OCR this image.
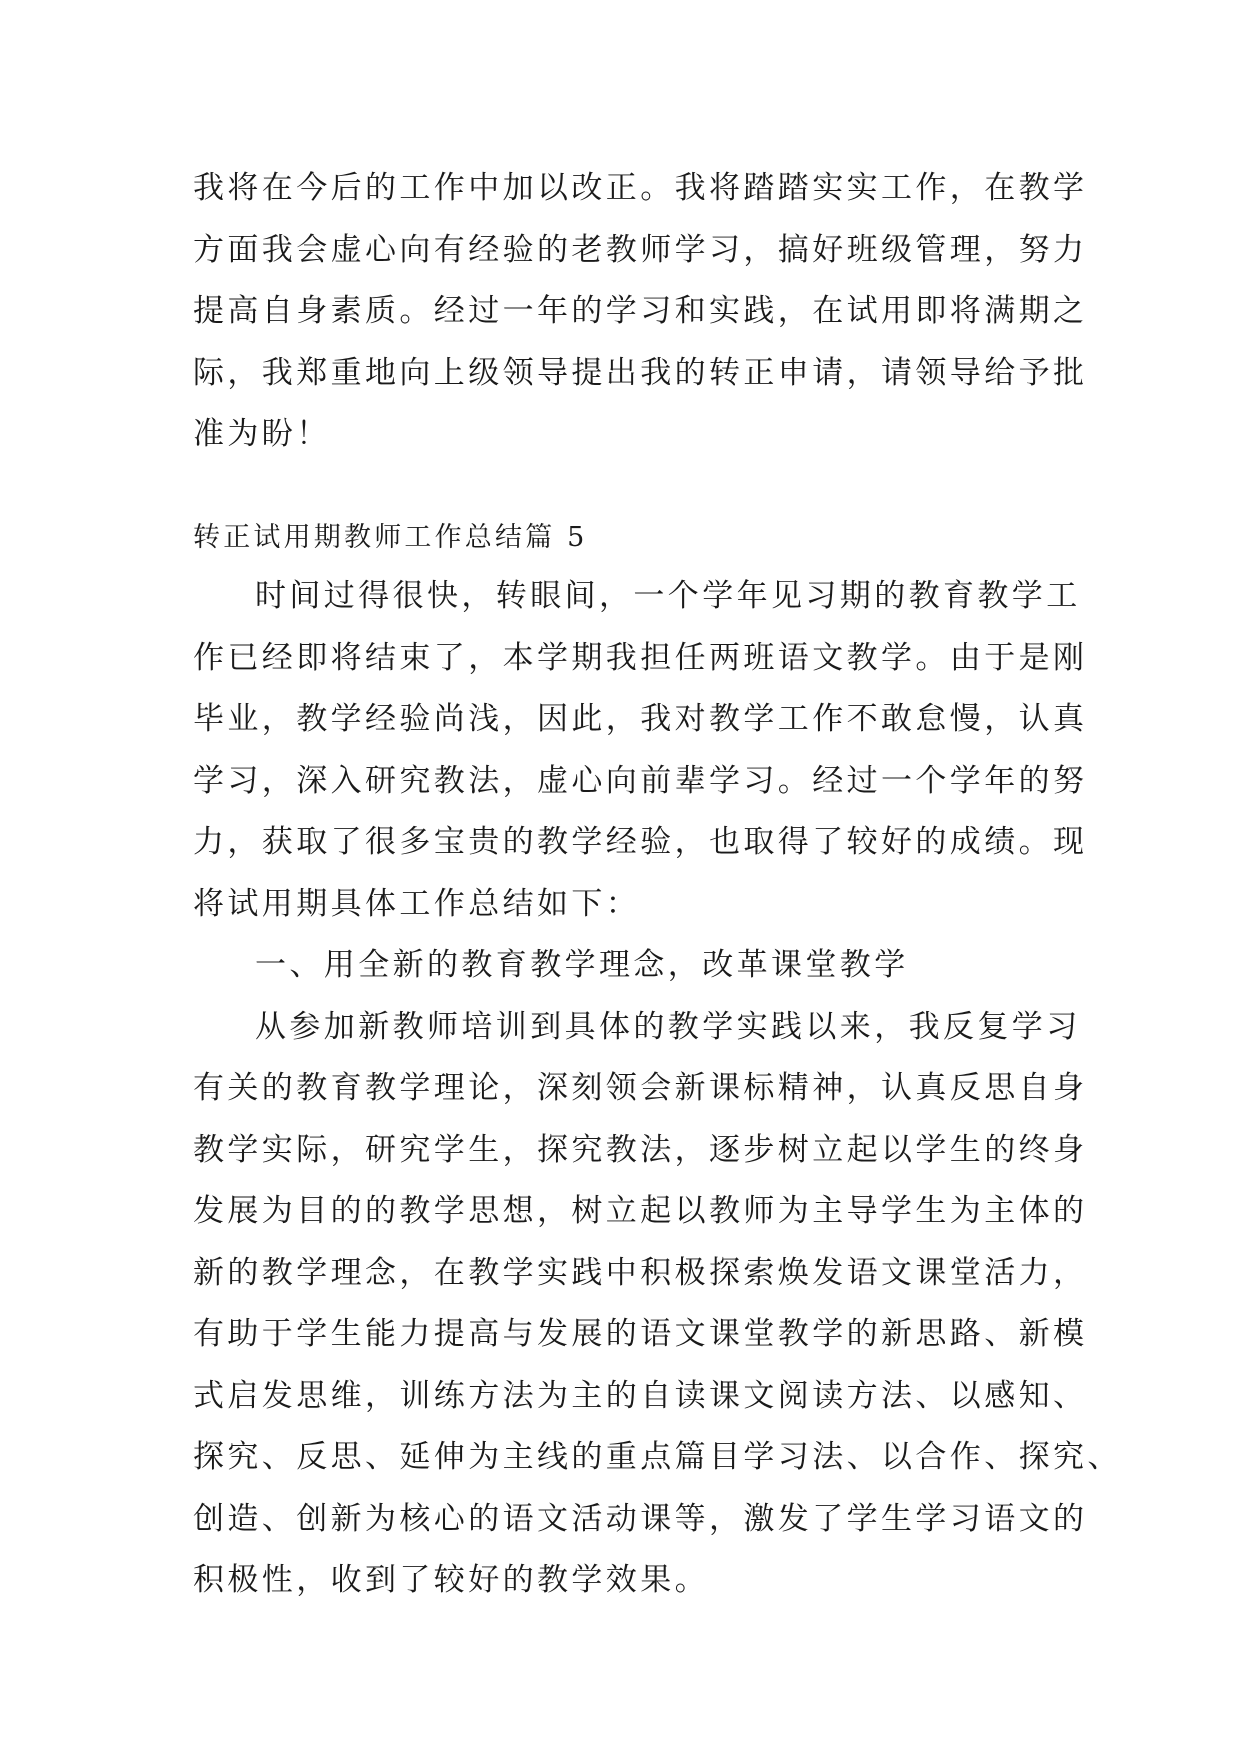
我将在今后的工作中加以改正。我将踏踏实实工作，在教学
方面我会虚心向有经验的老教师学习，搞好班级管理，努力
提高自身素质。经过一年的学习和实践，在试用即将满期之
际，我郑重地向上级领导提出我的转正申请，请领导给予批
准为盼！
转正试用期教师工作总结篇 5
时间过得很快，转眼间，一个学年见习期的教育教学工
作已经即将结束了，本学期我担任两班语文教学。由于是刚
毕业，教学经验尚浅，因此，我对教学工作不敢怠慢，认真
学习，深入研究教法，虚心向前辈学习。经过一个学年的努
力，获取了很多宝贵的教学经验，也取得了较好的成绩。现
将试用期具体工作总结如下：
一、用全新的教育教学理念，改革课堂教学
从参加新教师培训到具体的教学实践以来，我反复学习
有关的教育教学理论，深刻领会新课标精神，认真反思自身
教学实际，研究学生，探究教法，逐步树立起以学生的终身
发展为目的的教学思想，树立起以教师为主导学生为主体的
新的教学理念，在教学实践中积极探索焕发语文课堂活力，
有助于学生能力提高与发展的语文课堂教学的新思路、新模
式启发思维，训练方法为主的自读课文阅读方法、以感知、
探究、反思、延伸为主线的重点篇目学习法、以合作、探究、
创造、创新为核心的语文活动课等，激发了学生学习语文的
积极性，收到了较好的教学效果。
